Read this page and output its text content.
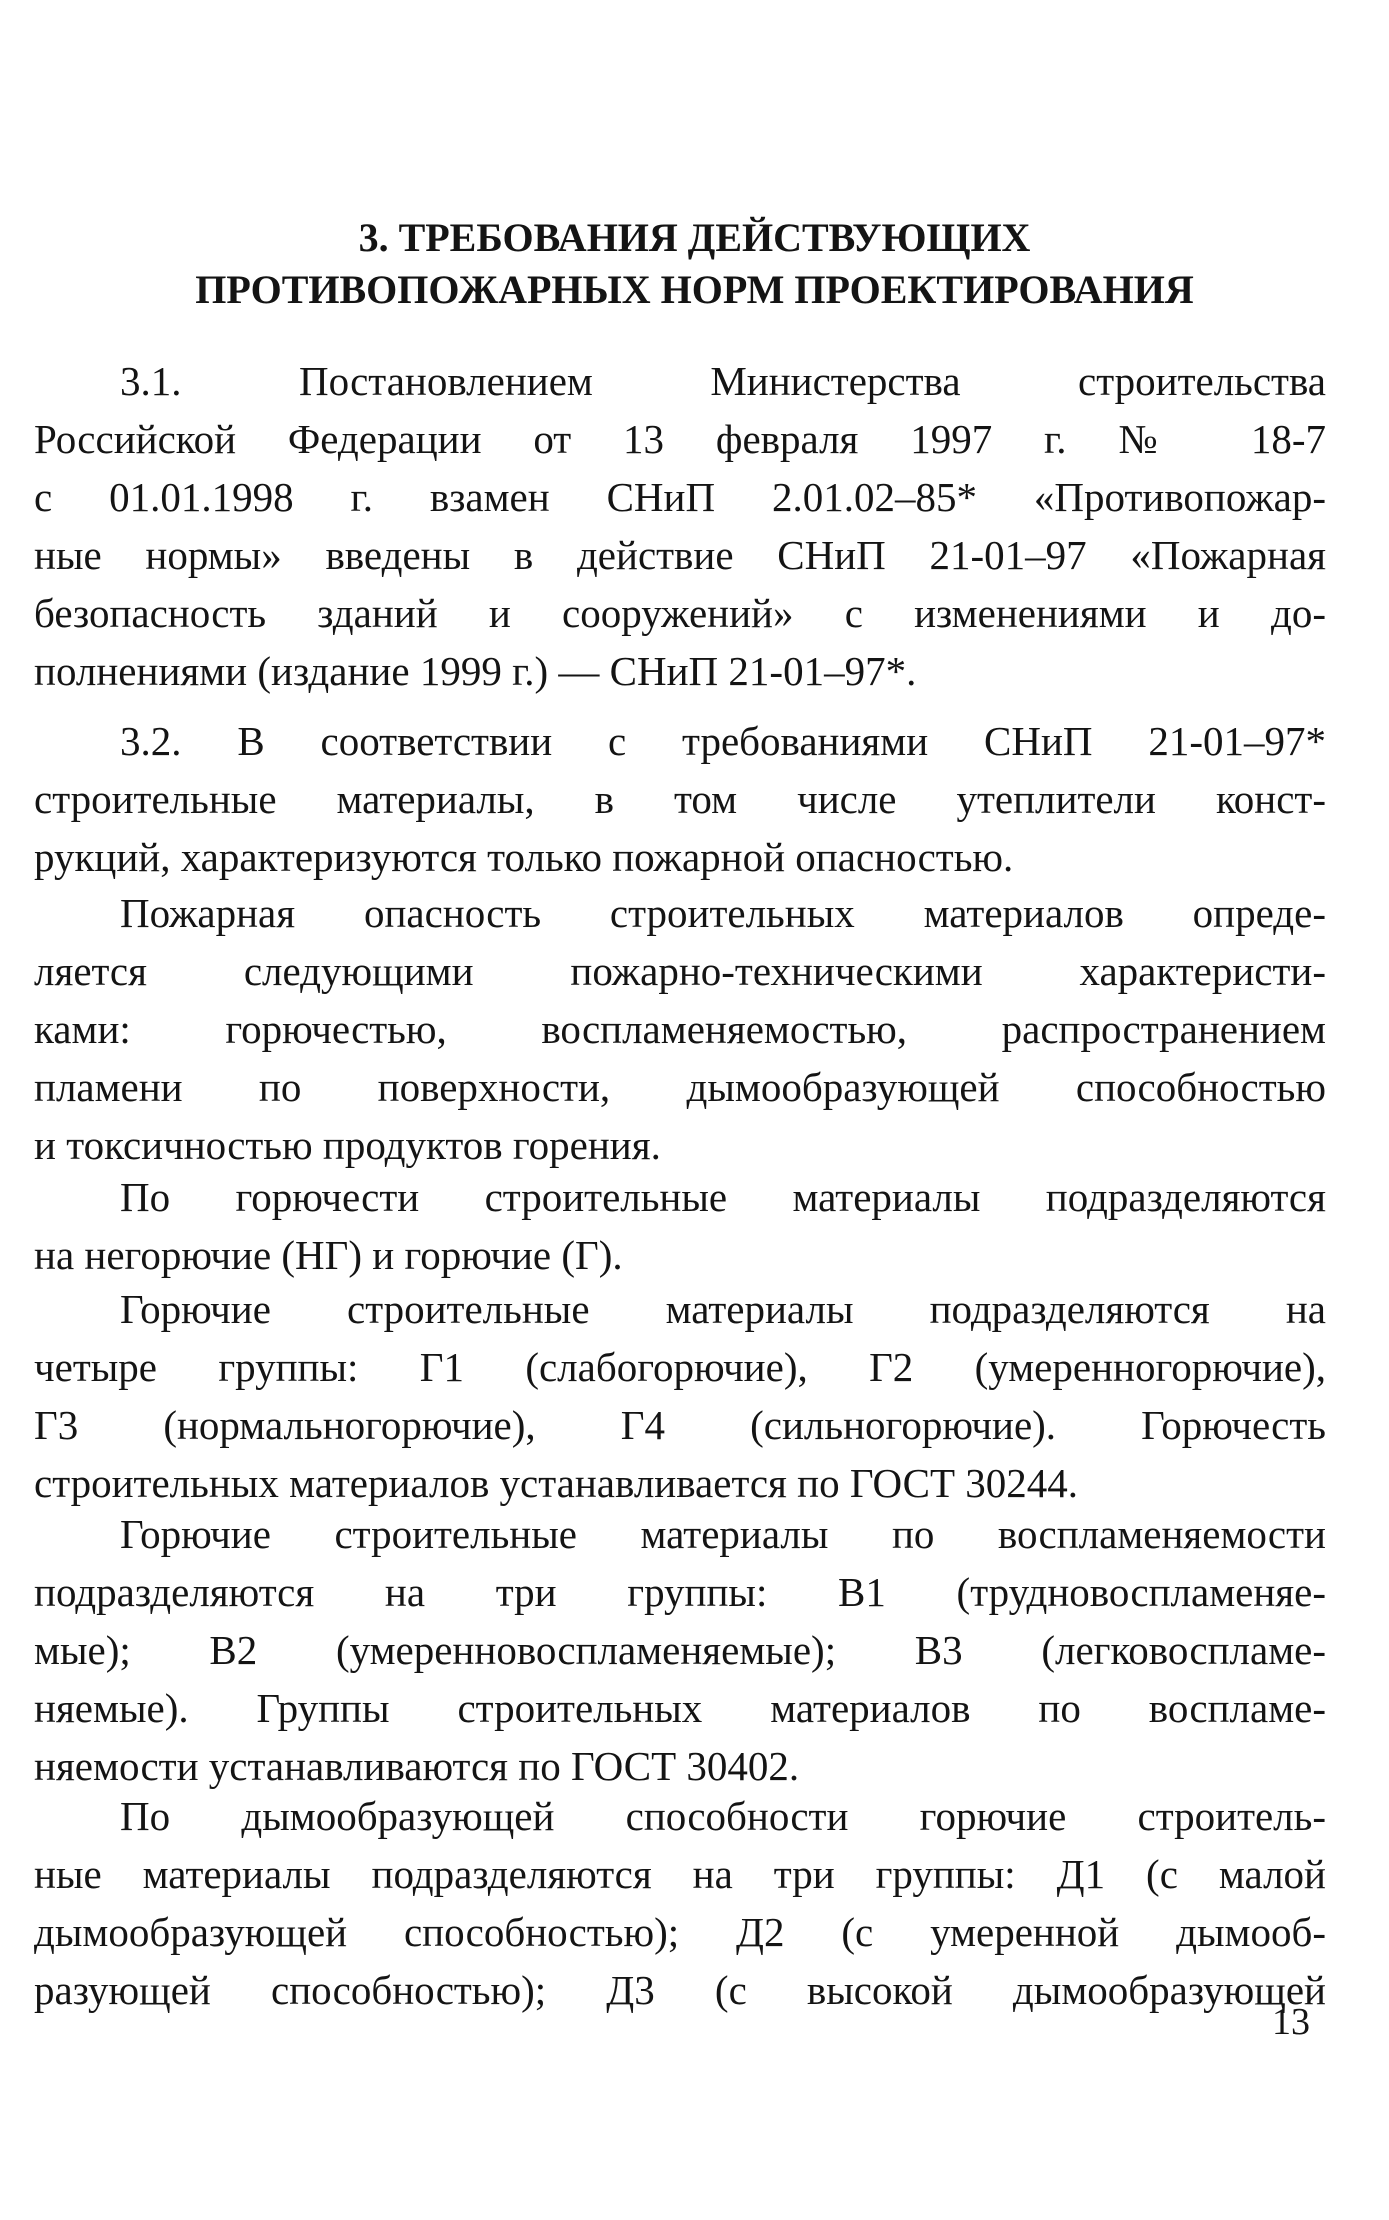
3. ТРЕБОВАНИЯ ДЕЙСТВУЮЩИХ
ПРОТИВОПОЖАРНЫХ НОРМ ПРОЕКТИРОВАНИЯ
3.1. Постановлением Министерства строительства
Российской Федерации от 13 февраля 1997 г. № 18-7
с 01.01.1998 г. взамен СНиП 2.01.02–85* «Противопожар-
ные нормы» введены в действие СНиП 21-01–97 «Пожарная
безопасность зданий и сооружений» с изменениями и до-
полнениями (издание 1999 г.) — СНиП 21-01–97*.
3.2. В соответствии с требованиями СНиП 21-01–97*
строительные материалы, в том числе утеплители конст-
рукций, характеризуются только пожарной опасностью.
Пожарная опасность строительных материалов опреде-
ляется следующими пожарно-техническими характеристи-
ками: горючестью, воспламеняемостью, распространением
пламени по поверхности, дымообразующей способностью
и токсичностью продуктов горения.
По горючести строительные материалы подразделяются
на негорючие (НГ) и горючие (Г).
Горючие строительные материалы подразделяются на
четыре группы: Г1 (слабогорючие), Г2 (умеренногорючие),
Г3 (нормальногорючие), Г4 (сильногорючие). Горючесть
строительных материалов устанавливается по ГОСТ 30244.
Горючие строительные материалы по воспламеняемости
подразделяются на три группы: В1 (трудновоспламеняе-
мые); В2 (умеренновоспламеняемые); В3 (легковоспламе-
няемые). Группы строительных материалов по воспламе-
няемости устанавливаются по ГОСТ 30402.
По дымообразующей способности горючие строитель-
ные материалы подразделяются на три группы: Д1 (с малой
дымообразующей способностью); Д2 (с умеренной дымооб-
разующей способностью); Д3 (с высокой дымообразующей
13
